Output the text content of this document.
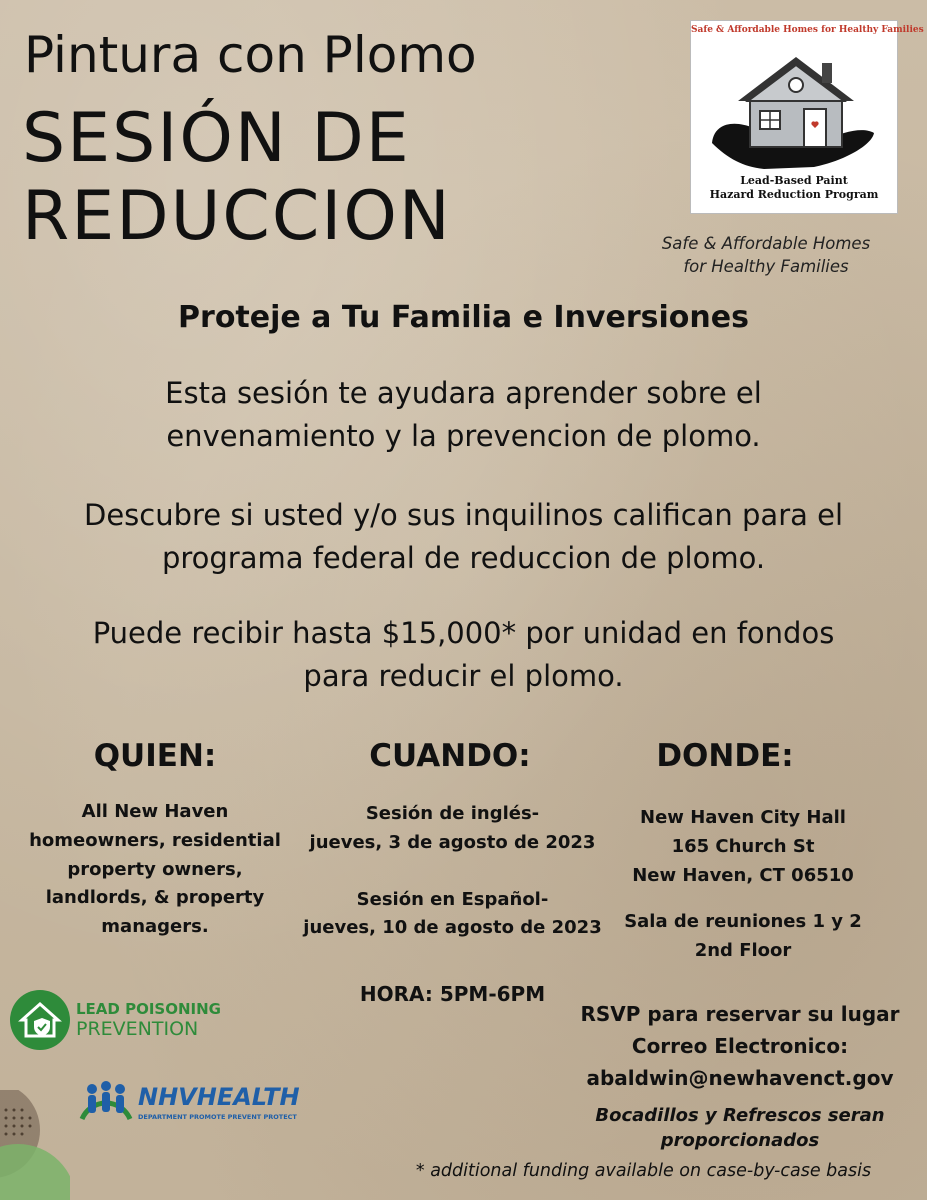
Pintura con Plomo
SESIÓN DE
REDUCCION
Safe & Affordable Homes for Healthy Families
Lead-Based Paint
Hazard Reduction Program
Safe & Affordable Homes
for Healthy Families
Proteje a Tu Familia e Inversiones
Esta sesión te ayudara aprender sobre el
envenamiento y la prevencion de plomo.
Descubre si usted y/o sus inquilinos califican para el
programa federal de reduccion de plomo.
Puede recibir hasta $15,000* por unidad en fondos
para reducir el plomo.
QUIEN:
All New Haven
homeowners, residential
property owners,
landlords, & property
managers.
CUANDO:
Sesión de inglés-
jueves, 3 de agosto de 2023
Sesión en Español-
jueves, 10 de agosto de 2023
HORA: 5PM-6PM
DONDE:
New Haven City Hall
165 Church St
New Haven, CT 06510
Sala de reuniones 1 y 2
2nd Floor
RSVP para reservar su lugar
Correo Electronico:
abaldwin@newhavenct.gov
Bocadillos y Refrescos seran
proporcionados
* additional funding available on case-by-case basis
LEAD POISONING
PREVENTION
NHVHEALTH
DEPARTMENT PROMOTE PREVENT PROTECT
